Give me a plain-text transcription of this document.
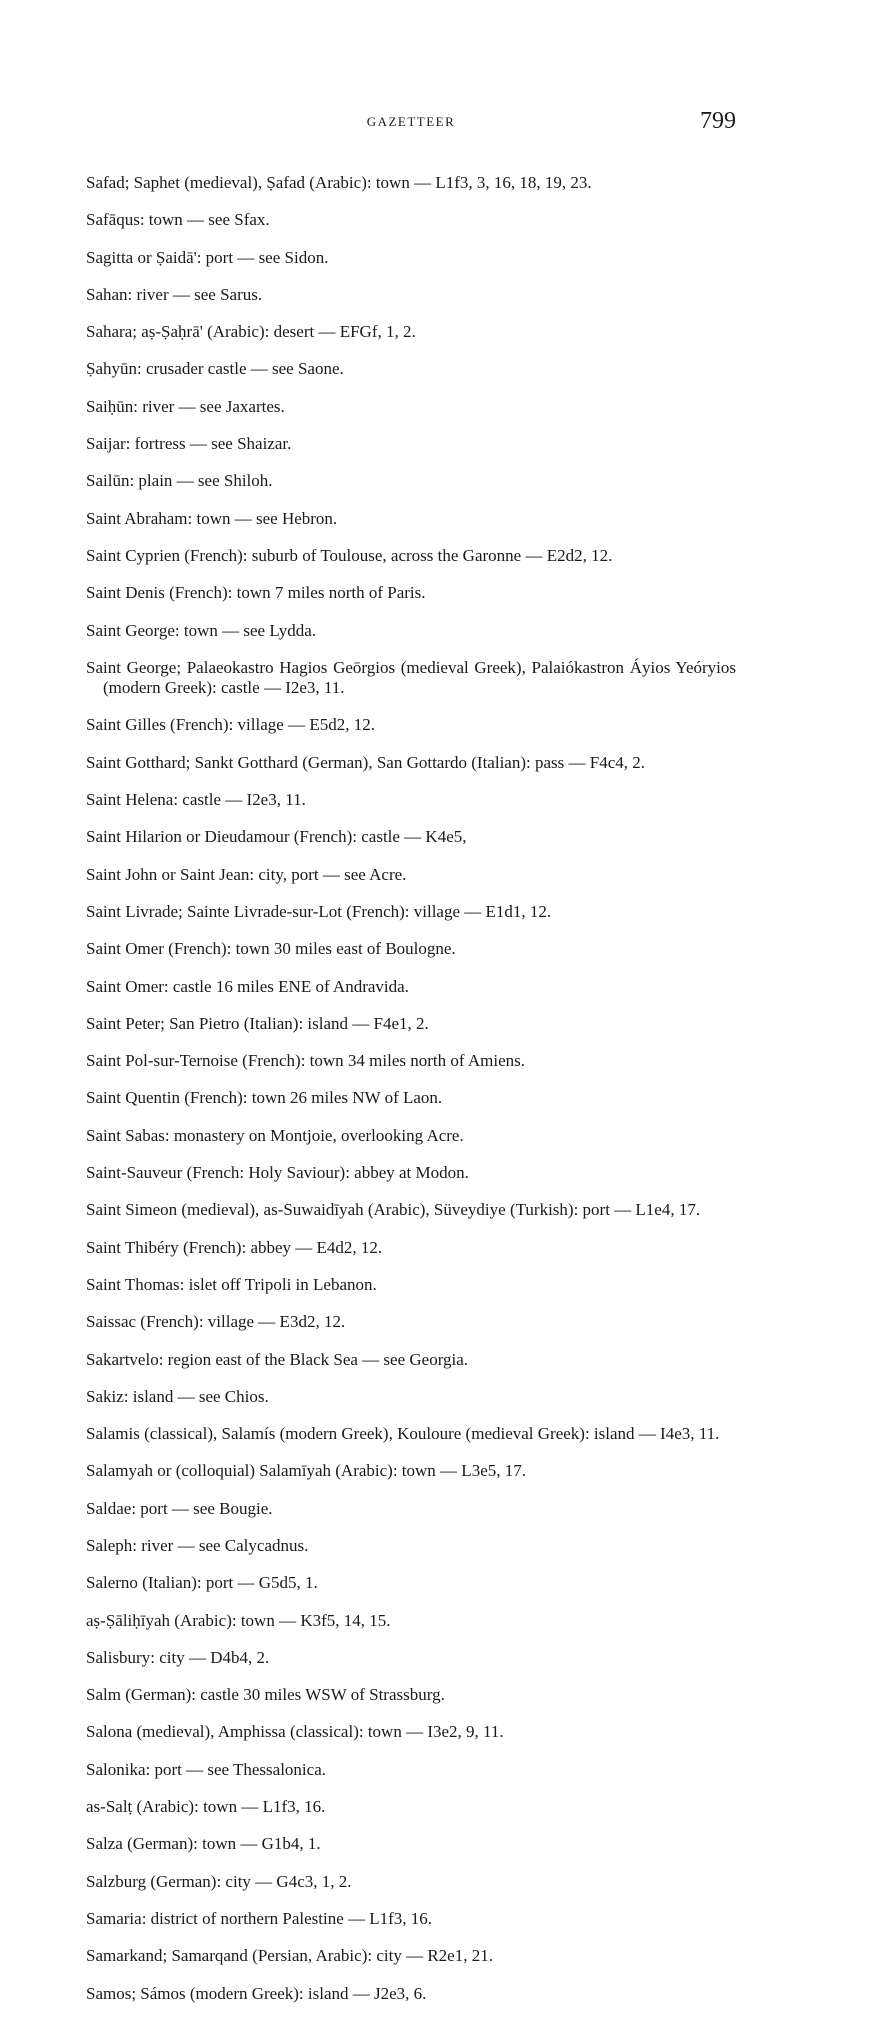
GAZETTEER	799

Safad; Saphet (medieval), Ṣafad (Arabic): town — L1f3, 3, 16, 18, 19, 23.

Safāqus: town — see Sfax.

Sagitta or Ṣaidā': port — see Sidon.

Sahan: river — see Sarus.

Sahara; aṣ-Ṣaḥrā' (Arabic): desert — EFGf, 1, 2.

Ṣahyūn: crusader castle — see Saone.

Saiḥūn: river — see Jaxartes.

Saijar: fortress — see Shaizar.

Sailūn: plain — see Shiloh.

Saint Abraham: town — see Hebron.

Saint Cyprien (French): suburb of Toulouse, across the Garonne — E2d2, 12.

Saint Denis (French): town 7 miles north of Paris.

Saint George: town — see Lydda.

Saint George; Palaeokastro Hagios Geōrgios (medieval Greek), Palaiókastron Áyios Yeóryios (modern Greek): castle — I2e3, 11.

Saint Gilles (French): village — E5d2, 12.

Saint Gotthard; Sankt Gotthard (German), San Gottardo (Italian): pass — F4c4, 2.

Saint Helena: castle — I2e3, 11.

Saint Hilarion or Dieudamour (French): castle — K4e5,

Saint John or Saint Jean: city, port — see Acre.

Saint Livrade; Sainte Livrade-sur-Lot (French): village — E1d1, 12.

Saint Omer (French): town 30 miles east of Boulogne.

Saint Omer: castle 16 miles ENE of Andravida.

Saint Peter; San Pietro (Italian): island — F4e1, 2.

Saint Pol-sur-Ternoise (French): town 34 miles north of Amiens.

Saint Quentin (French): town 26 miles NW of Laon.

Saint Sabas: monastery on Montjoie, overlooking Acre.

Saint-Sauveur (French: Holy Saviour): abbey at Modon.

Saint Simeon (medieval), as-Suwaidīyah (Arabic), Süveydiye (Turkish): port — L1e4, 17.

Saint Thibéry (French): abbey — E4d2, 12.

Saint Thomas: islet off Tripoli in Lebanon.

Saissac (French): village — E3d2, 12.

Sakartvelo: region east of the Black Sea — see Georgia.

Sakiz: island — see Chios.

Salamis (classical), Salamís (modern Greek), Kouloure (medieval Greek): island — I4e3, 11.

Salamyah or (colloquial) Salamīyah (Arabic): town — L3e5, 17.

Saldae: port — see Bougie.

Saleph: river — see Calycadnus.

Salerno (Italian): port — G5d5, 1.

aṣ-Ṣāliḥīyah (Arabic): town — K3f5, 14, 15.

Salisbury: city — D4b4, 2.

Salm (German): castle 30 miles WSW of Strassburg.

Salona (medieval), Amphissa (classical): town — I3e2, 9, 11.

Salonika: port — see Thessalonica.

as-Salṭ (Arabic): town — L1f3, 16.

Salza (German): town — G1b4, 1.

Salzburg (German): city — G4c3, 1, 2.

Samaria: district of northern Palestine — L1f3, 16.

Samarkand; Samarqand (Persian, Arabic): city — R2e1, 21.

Samos; Sámos (modern Greek): island — J2e3, 6.
